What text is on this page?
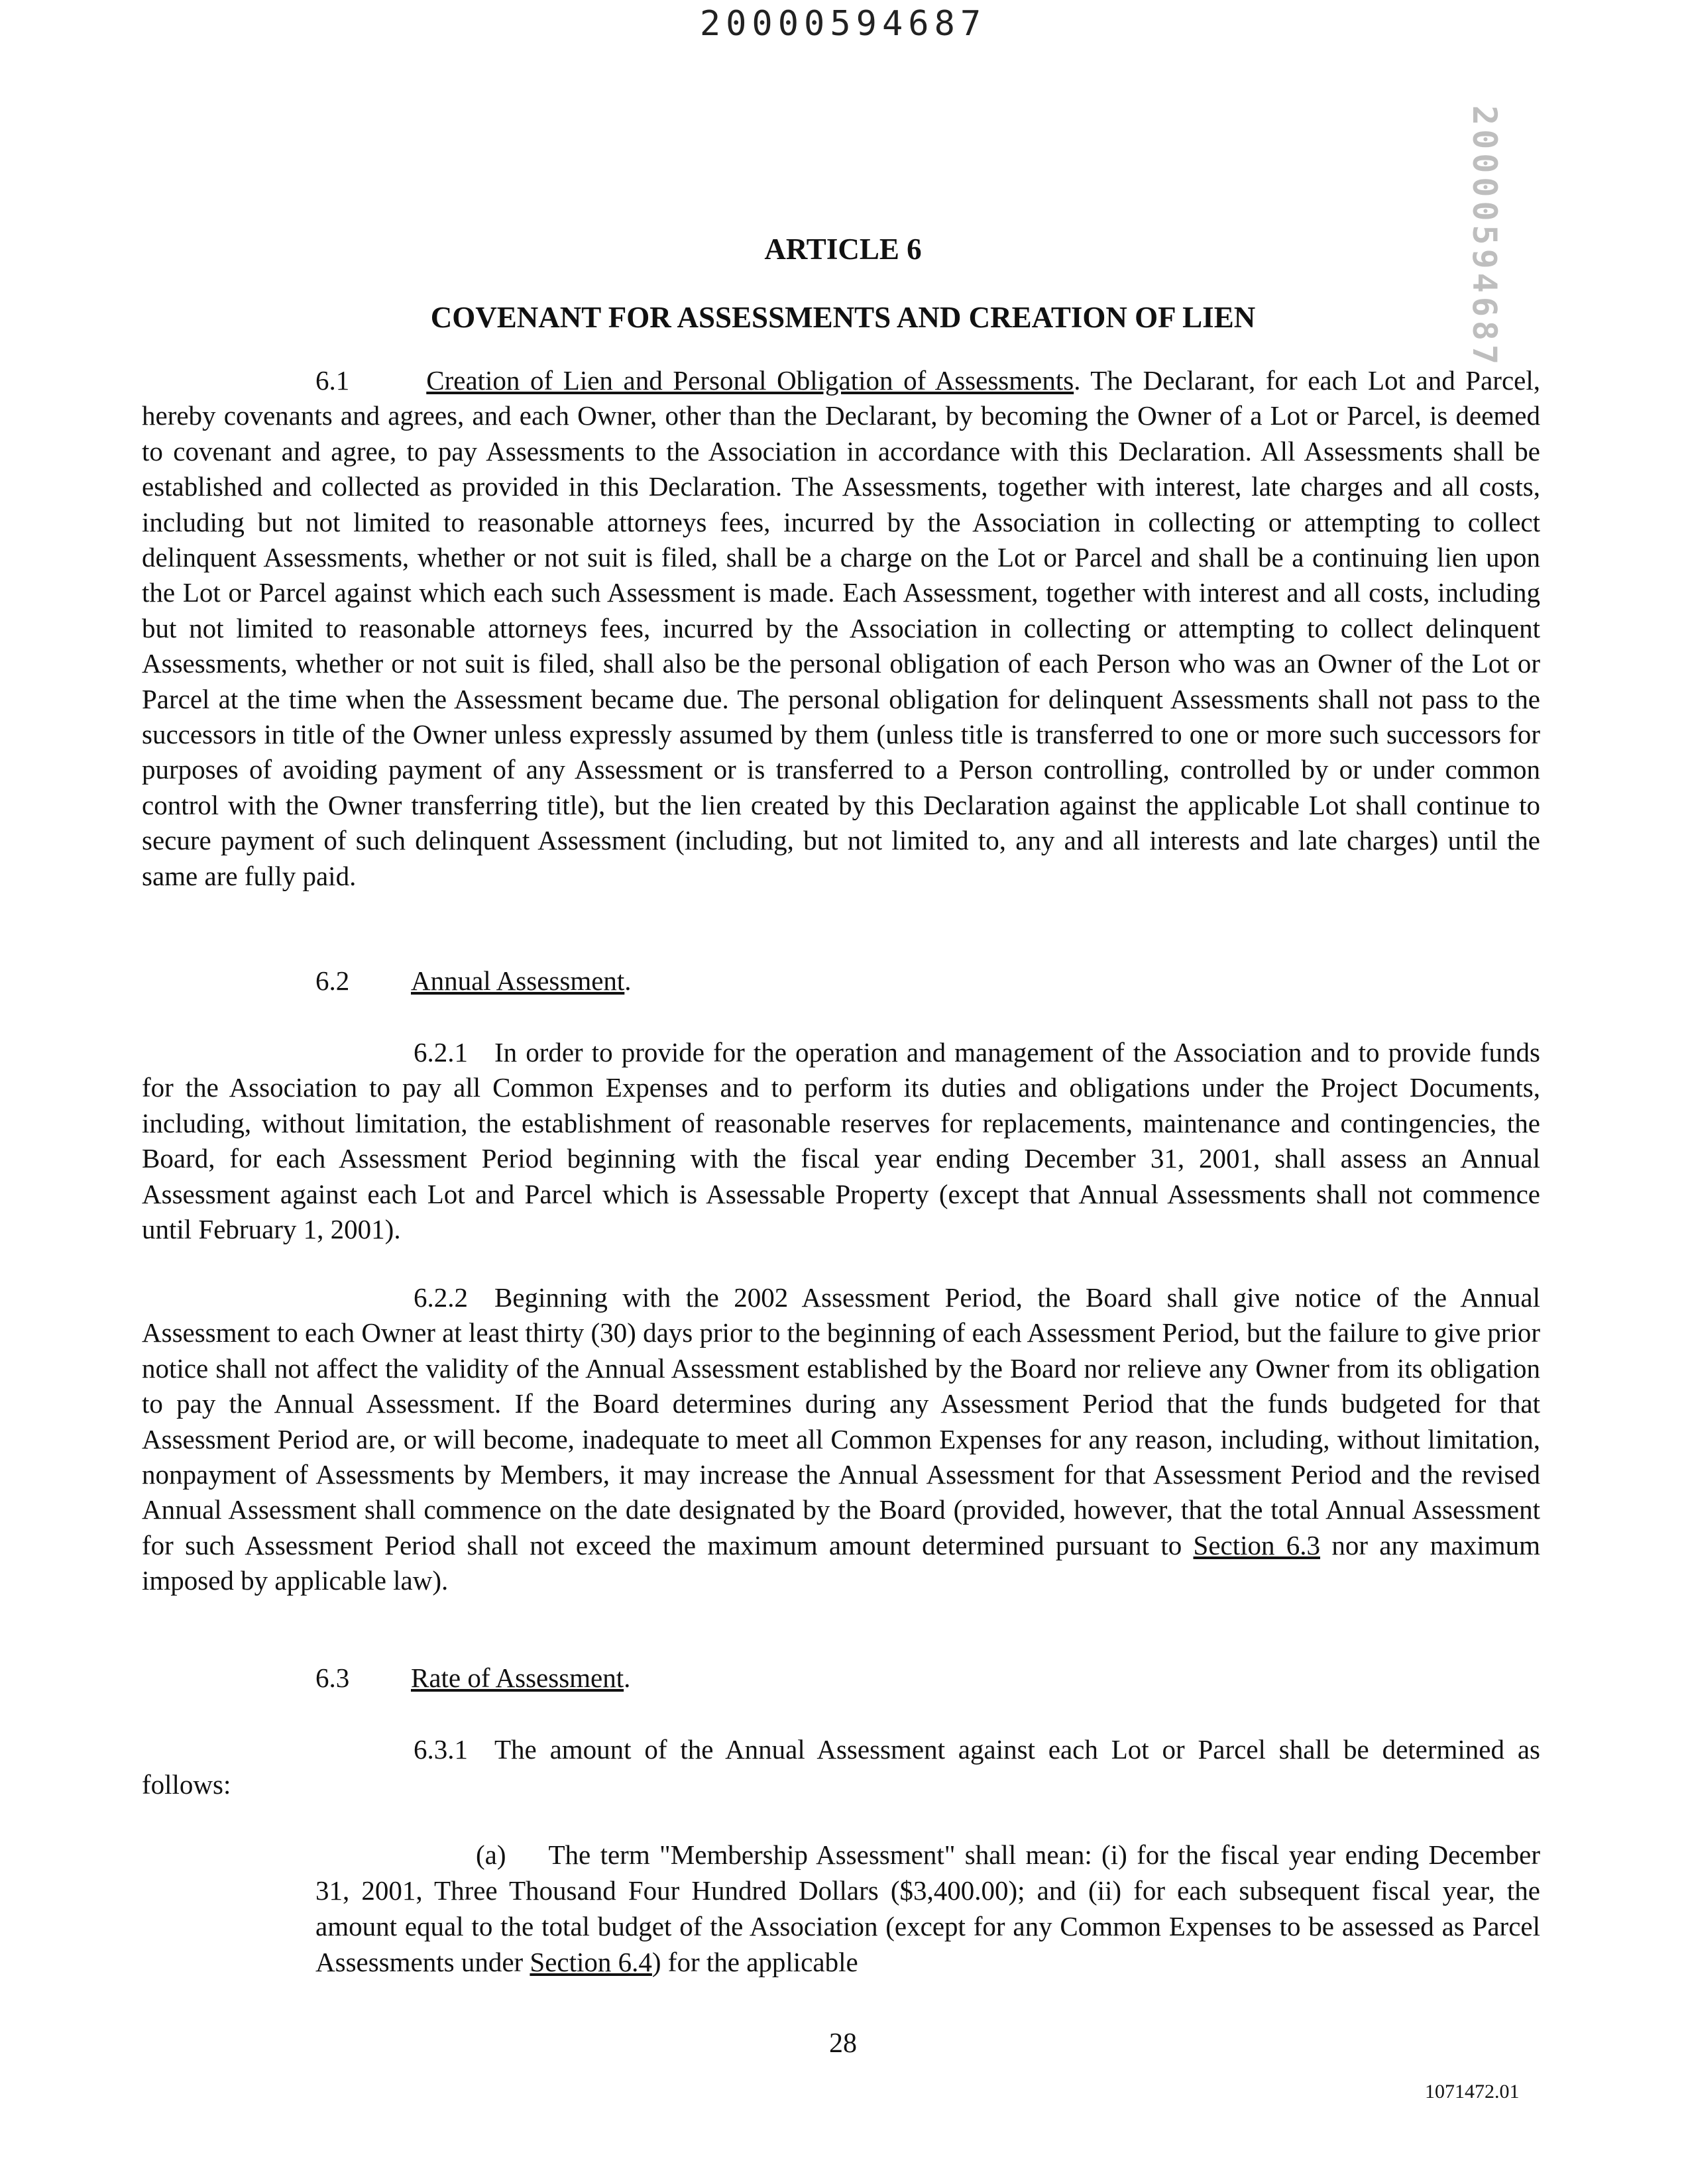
20000594687
20000594687
ARTICLE 6
COVENANT FOR ASSESSMENTS AND CREATION OF LIEN

6.1	Creation of Lien and Personal Obligation of Assessments. The Declarant, for each Lot and Parcel, hereby covenants and agrees, and each Owner, other than the Declarant, by becoming the Owner of a Lot or Parcel, is deemed to covenant and agree, to pay Assessments to the Association in accordance with this Declaration. All Assessments shall be established and collected as provided in this Declaration. The Assessments, together with interest, late charges and all costs, including but not limited to reasonable attorneys fees, incurred by the Association in collecting or attempting to collect delinquent Assessments, whether or not suit is filed, shall be a charge on the Lot or Parcel and shall be a continuing lien upon the Lot or Parcel against which each such Assessment is made. Each Assessment, together with interest and all costs, including but not limited to reasonable attorneys fees, incurred by the Association in collecting or attempting to collect delinquent Assessments, whether or not suit is filed, shall also be the personal obligation of each Person who was an Owner of the Lot or Parcel at the time when the Assessment became due. The personal obligation for delinquent Assessments shall not pass to the successors in title of the Owner unless expressly assumed by them (unless title is transferred to one or more such successors for purposes of avoiding payment of any Assessment or is transferred to a Person controlling, controlled by or under common control with the Owner transferring title), but the lien created by this Declaration against the applicable Lot shall continue to secure payment of such delinquent Assessment (including, but not limited to, any and all interests and late charges) until the same are fully paid.

6.2 Annual Assessment.

6.2.1 In order to provide for the operation and management of the Association and to provide funds for the Association to pay all Common Expenses and to perform its duties and obligations under the Project Documents, including, without limitation, the establishment of reasonable reserves for replacements, maintenance and contingencies, the Board, for each Assessment Period beginning with the fiscal year ending December 31, 2001, shall assess an Annual Assessment against each Lot and Parcel which is Assessable Property (except that Annual Assessments shall not commence until February 1, 2001).

6.2.2 Beginning with the 2002 Assessment Period, the Board shall give notice of the Annual Assessment to each Owner at least thirty (30) days prior to the beginning of each Assessment Period, but the failure to give prior notice shall not affect the validity of the Annual Assessment established by the Board nor relieve any Owner from its obligation to pay the Annual Assessment. If the Board determines during any Assessment Period that the funds budgeted for that Assessment Period are, or will become, inadequate to meet all Common Expenses for any reason, including, without limitation, nonpayment of Assessments by Members, it may increase the Annual Assessment for that Assessment Period and the revised Annual Assessment shall commence on the date designated by the Board (provided, however, that the total Annual Assessment for such Assessment Period shall not exceed the maximum amount determined pursuant to Section 6.3 nor any maximum imposed by applicable law).

6.3 Rate of Assessment.

6.3.1 The amount of the Annual Assessment against each Lot or Parcel shall be determined as follows:

(a) The term "Membership Assessment" shall mean: (i) for the fiscal year ending December 31, 2001, Three Thousand Four Hundred Dollars ($3,400.00); and (ii) for each subsequent fiscal year, the amount equal to the total budget of the Association (except for any Common Expenses to be assessed as Parcel Assessments under Section 6.4) for the applicable

28
1071472.01
